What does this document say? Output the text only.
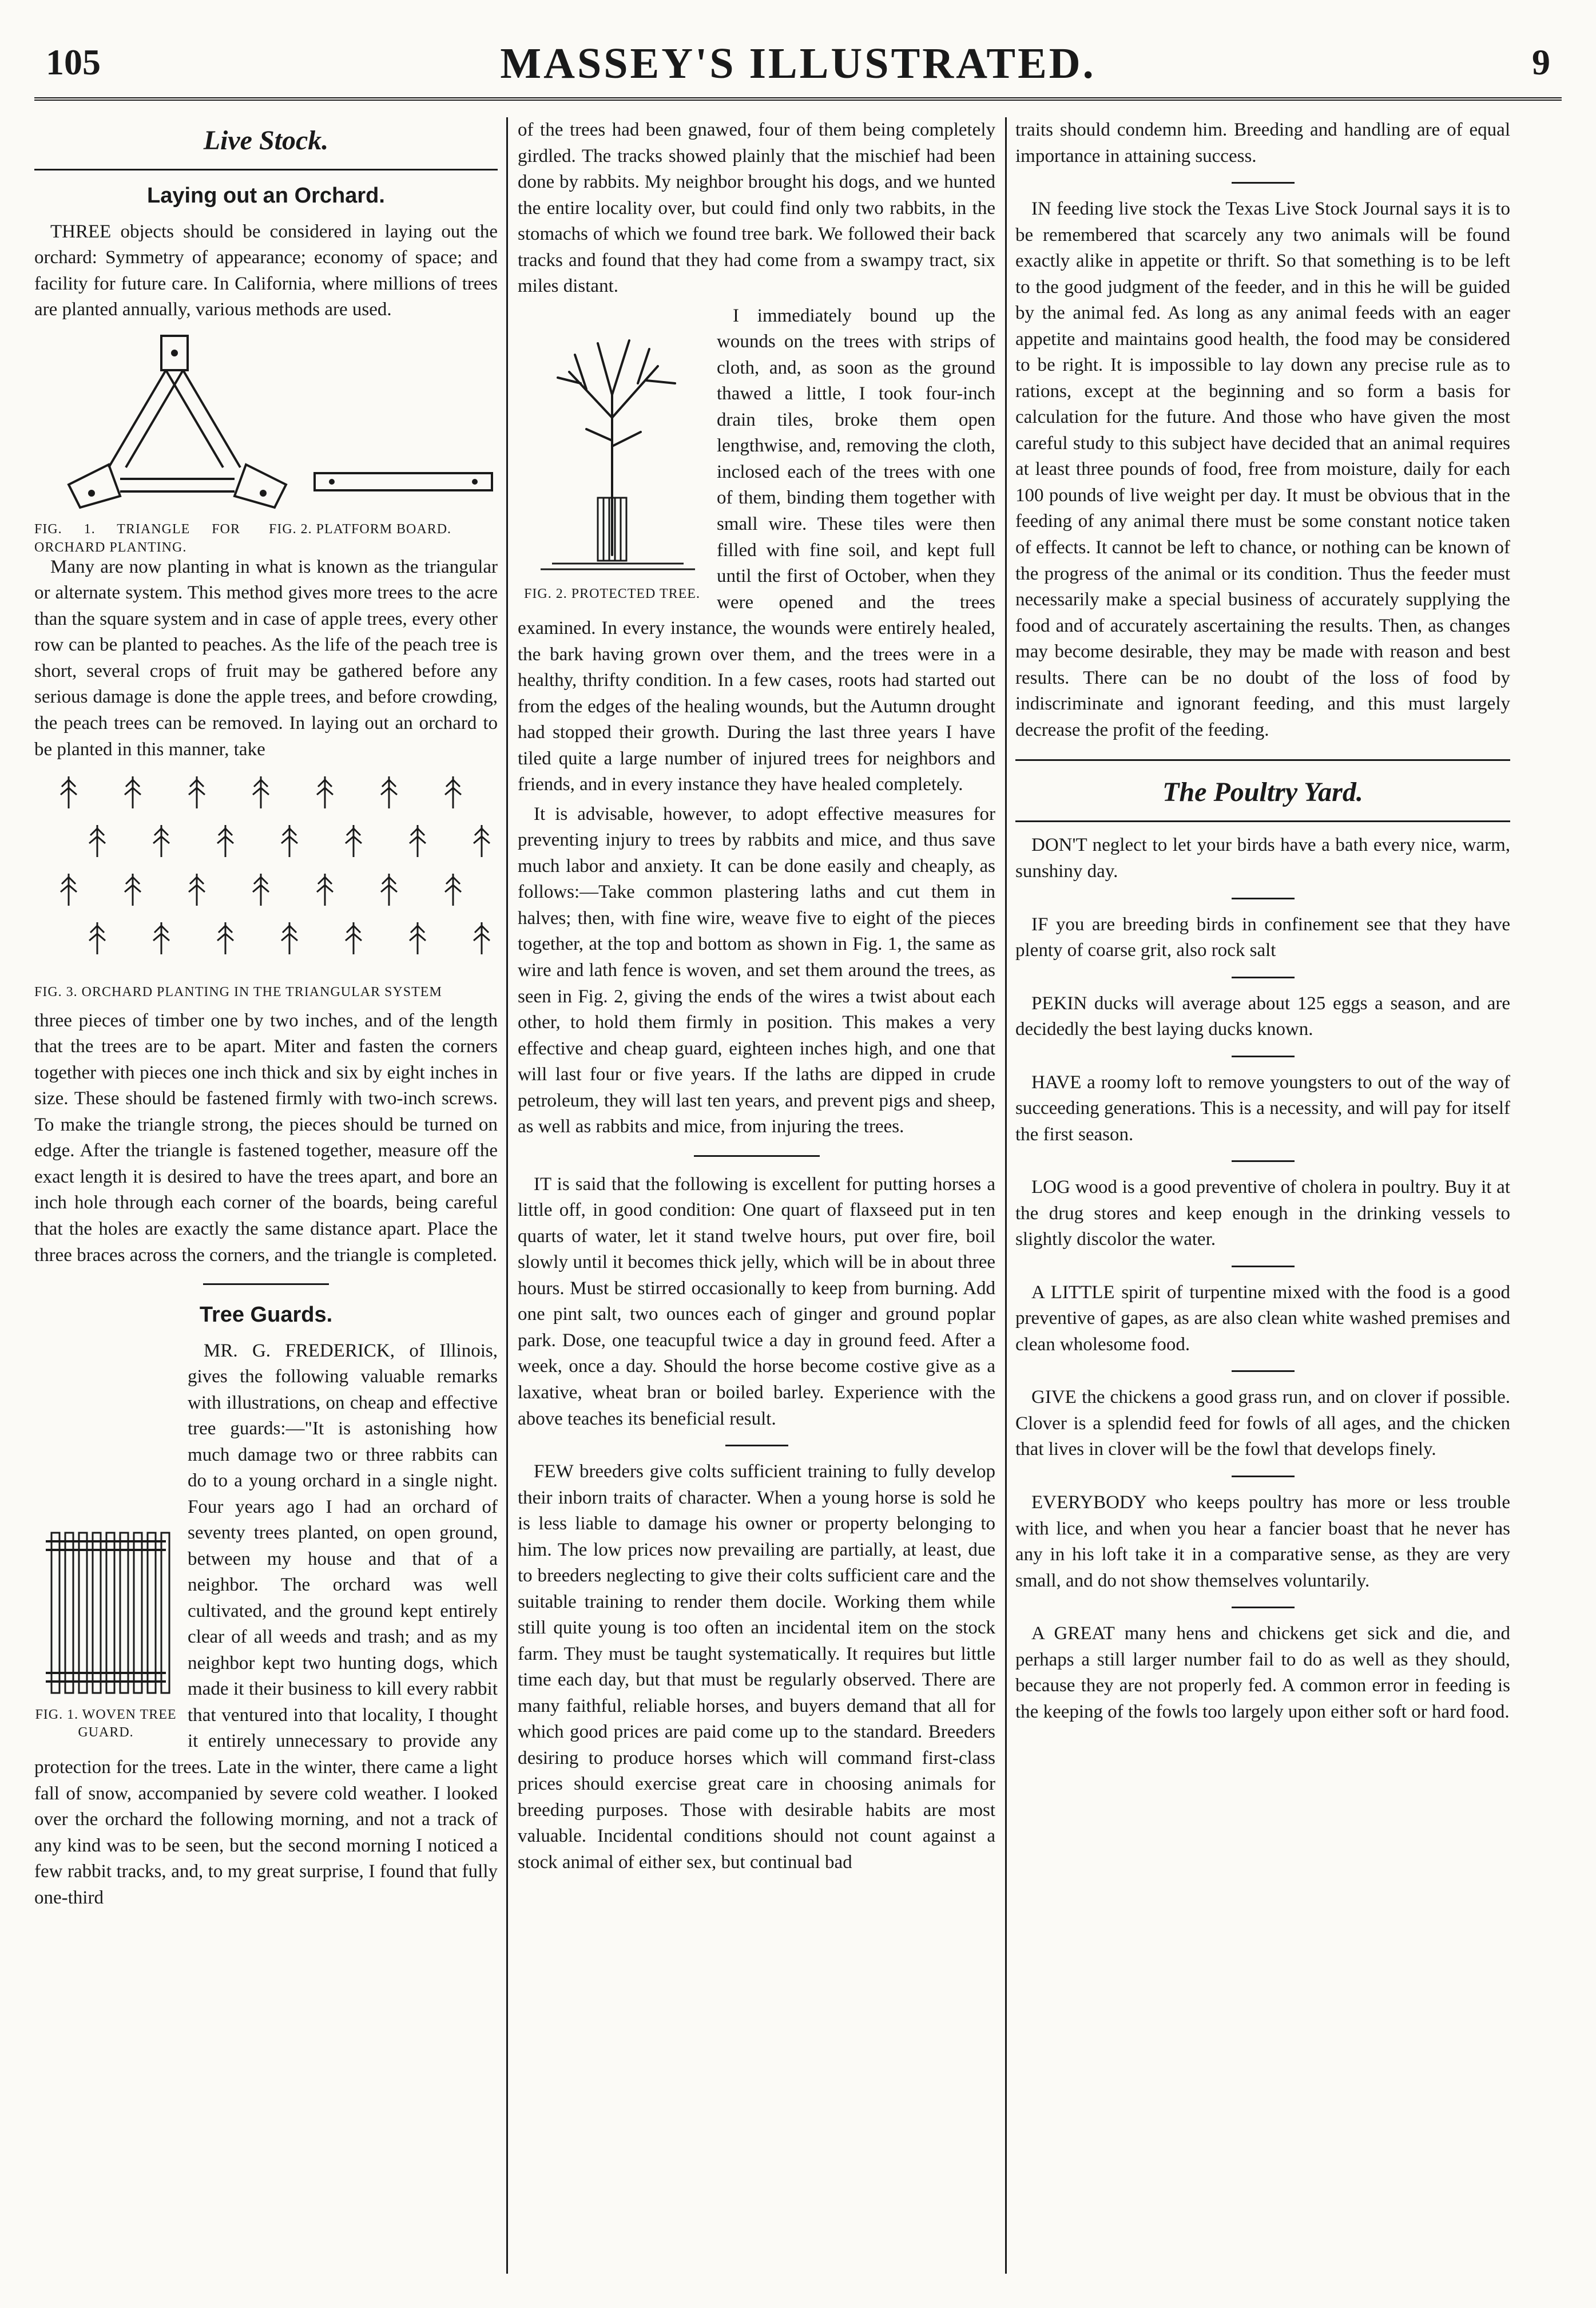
105	MASSEY'S ILLUSTRATED.	9
Live Stock.
Laying out an Orchard.

THREE objects should be considered in laying out the orchard: Symmetry of appearance; economy of space; and facility for future care. In California, where millions of trees are planted annually, various methods are used.

FIG. 1. TRIANGLE FOR ORCHARD PLANTING.
FIG. 2. PLATFORM BOARD.

Many are now planting in what is known as the triangular or alternate system. This method gives more trees to the acre than the square system and in case of apple trees, every other row can be planted to peaches. As the life of the peach tree is short, several crops of fruit may be gathered before any serious damage is done the apple trees, and before crowding, the peach trees can be removed. In laying out an orchard to be planted in this manner, take

FIG. 3. ORCHARD PLANTING IN THE TRIANGULAR SYSTEM

three pieces of timber one by two inches, and of the length that the trees are to be apart. Miter and fasten the corners together with pieces one inch thick and six by eight inches in size. These should be fastened firmly with two-inch screws. To make the triangle strong, the pieces should be turned on edge. After the triangle is fastened together, measure off the exact length it is desired to have the trees apart, and bore an inch hole through each corner of the boards, being careful that the holes are exactly the same distance apart. Place the three braces across the corners, and the triangle is completed.

Tree Guards.
FIG. 1. WOVEN TREE GUARD.

MR. G. FREDERICK, of Illinois, gives the following valuable remarks with illustrations, on cheap and effective tree guards:—"It is astonishing how much damage two or three rabbits can do to a young orchard in a single night. Four years ago I had an orchard of seventy trees planted, on open ground, between my house and that of a neighbor. The orchard was well cultivated, and the ground kept entirely clear of all weeds and trash; and as my neighbor kept two hunting dogs, which made it their business to kill every rabbit that ventured into that locality, I thought it entirely unnecessary to provide any protection for the trees. Late in the winter, there came a light fall of snow, accompanied by severe cold weather. I looked over the orchard the following morning, and not a track of any kind was to be seen, but the second morning I noticed a few rabbit tracks, and, to my great surprise, I found that fully one-third

of the trees had been gnawed, four of them being completely girdled. The tracks showed plainly that the mischief had been done by rabbits. My neighbor brought his dogs, and we hunted the entire locality over, but could find only two rabbits, in the stomachs of which we found tree bark. We followed their back tracks and found that they had come from a swampy tract, six miles distant.

FIG. 2. PROTECTED TREE.

I immediately bound up the wounds on the trees with strips of cloth, and, as soon as the ground thawed a little, I took four-inch drain tiles, broke them open lengthwise, and, removing the cloth, inclosed each of the trees with one of them, binding them together with small wire. These tiles were then filled with fine soil, and kept full until the first of October, when they were opened and the trees examined. In every instance, the wounds were entirely healed, the bark having grown over them, and the trees were in a healthy, thrifty condition. In a few cases, roots had started out from the edges of the healing wounds, but the Autumn drought had stopped their growth. During the last three years I have tiled quite a large number of injured trees for neighbors and friends, and in every instance they have healed completely.

It is advisable, however, to adopt effective measures for preventing injury to trees by rabbits and mice, and thus save much labor and anxiety. It can be done easily and cheaply, as follows:—Take common plastering laths and cut them in halves; then, with fine wire, weave five to eight of the pieces together, at the top and bottom as shown in Fig. 1, the same as wire and lath fence is woven, and set them around the trees, as seen in Fig. 2, giving the ends of the wires a twist about each other, to hold them firmly in position. This makes a very effective and cheap guard, eighteen inches high, and one that will last four or five years. If the laths are dipped in crude petroleum, they will last ten years, and prevent pigs and sheep, as well as rabbits and mice, from injuring the trees.

IT is said that the following is excellent for putting horses a little off, in good condition: One quart of flaxseed put in ten quarts of water, let it stand twelve hours, put over fire, boil slowly until it becomes thick jelly, which will be in about three hours. Must be stirred occasionally to keep from burning. Add one pint salt, two ounces each of ginger and ground poplar park. Dose, one teacupful twice a day in ground feed. After a week, once a day. Should the horse become costive give as a laxative, wheat bran or boiled barley. Experience with the above teaches its beneficial result.

FEW breeders give colts sufficient training to fully develop their inborn traits of character. When a young horse is sold he is less liable to damage his owner or property belonging to him. The low prices now prevailing are partially, at least, due to breeders neglecting to give their colts sufficient care and the suitable training to render them docile. Working them while still quite young is too often an incidental item on the stock farm. They must be taught systematically. It requires but little time each day, but that must be regularly observed. There are many faithful, reliable horses, and buyers demand that all for which good prices are paid come up to the standard. Breeders desiring to produce horses which will command first-class prices should exercise great care in choosing animals for breeding purposes. Those with desirable habits are most valuable. Incidental conditions should not count against a stock animal of either sex, but continual bad

traits should condemn him. Breeding and handling are of equal importance in attaining success.

IN feeding live stock the Texas Live Stock Journal says it is to be remembered that scarcely any two animals will be found exactly alike in appetite or thrift. So that something is to be left to the good judgment of the feeder, and in this he will be guided by the animal fed. As long as any animal feeds with an eager appetite and maintains good health, the food may be considered to be right. It is impossible to lay down any precise rule as to rations, except at the beginning and so form a basis for calculation for the future. And those who have given the most careful study to this subject have decided that an animal requires at least three pounds of food, free from moisture, daily for each 100 pounds of live weight per day. It must be obvious that in the feeding of any animal there must be some constant notice taken of effects. It cannot be left to chance, or nothing can be known of the progress of the animal or its condition. Thus the feeder must necessarily make a special business of accurately supplying the food and of accurately ascertaining the results. Then, as changes may become desirable, they may be made with reason and best results. There can be no doubt of the loss of food by indiscriminate and ignorant feeding, and this must largely decrease the profit of the feeding.

The Poultry Yard.

DON'T neglect to let your birds have a bath every nice, warm, sunshiny day.

IF you are breeding birds in confinement see that they have plenty of coarse grit, also rock salt

PEKIN ducks will average about 125 eggs a season, and are decidedly the best laying ducks known.

HAVE a roomy loft to remove youngsters to out of the way of succeeding generations. This is a necessity, and will pay for itself the first season.

LOG wood is a good preventive of cholera in poultry. Buy it at the drug stores and keep enough in the drinking vessels to slightly discolor the water.

A LITTLE spirit of turpentine mixed with the food is a good preventive of gapes, as are also clean white washed premises and clean wholesome food.

GIVE the chickens a good grass run, and on clover if possible. Clover is a splendid feed for fowls of all ages, and the chicken that lives in clover will be the fowl that develops finely.

EVERYBODY who keeps poultry has more or less trouble with lice, and when you hear a fancier boast that he never has any in his loft take it in a comparative sense, as they are very small, and do not show themselves voluntarily.

A GREAT many hens and chickens get sick and die, and perhaps a still larger number fail to do as well as they should, because they are not properly fed. A common error in feeding is the keeping of the fowls too largely upon either soft or hard food.
